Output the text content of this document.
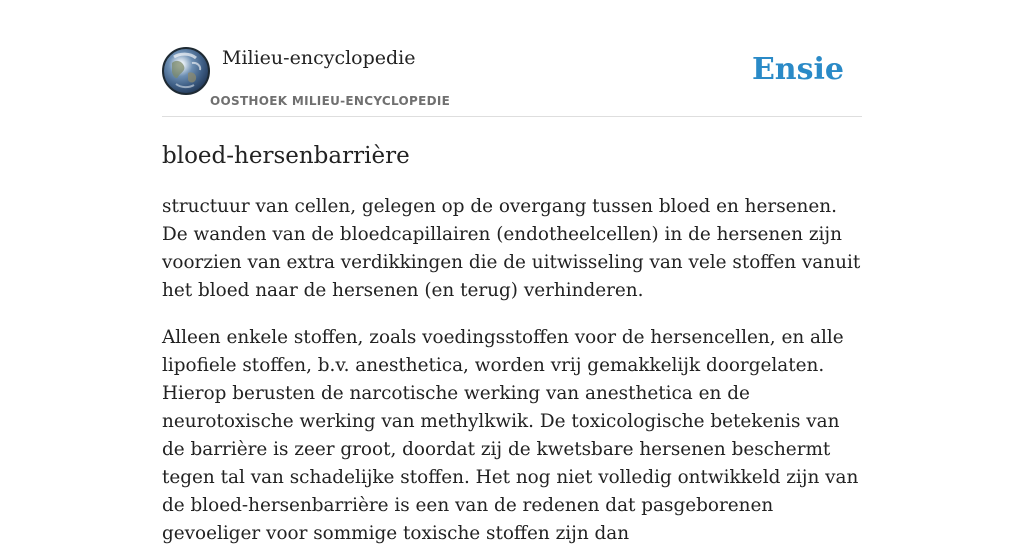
Milieu-encyclopedie
OOSTHOEK MILIEU-ENCYCLOPEDIE
Ensie
bloed-hersenbarrière

structuur van cellen, gelegen op de overgang tussen bloed en hersenen. De wanden van de bloedcapillairen (endotheelcellen) in de hersenen zijn voorzien van extra verdikkingen die de uitwisseling van vele stoffen vanuit het bloed naar de hersenen (en terug) verhinderen.

Alleen enkele stoffen, zoals voedingsstoffen voor de hersencellen, en alle lipofiele stoffen, b.v. anesthetica, worden vrij gemakkelijk doorgelaten. Hierop berusten de narcotische werking van anesthetica en de neurotoxische werking van methylkwik. De toxicologische betekenis van de barrière is zeer groot, doordat zij de kwetsbare hersenen beschermt tegen tal van schadelijke stoffen. Het nog niet volledig ontwikkeld zijn van de bloed-hersenbarrière is een van de redenen dat pasgeborenen gevoeliger voor sommige toxische stoffen zijn dan
